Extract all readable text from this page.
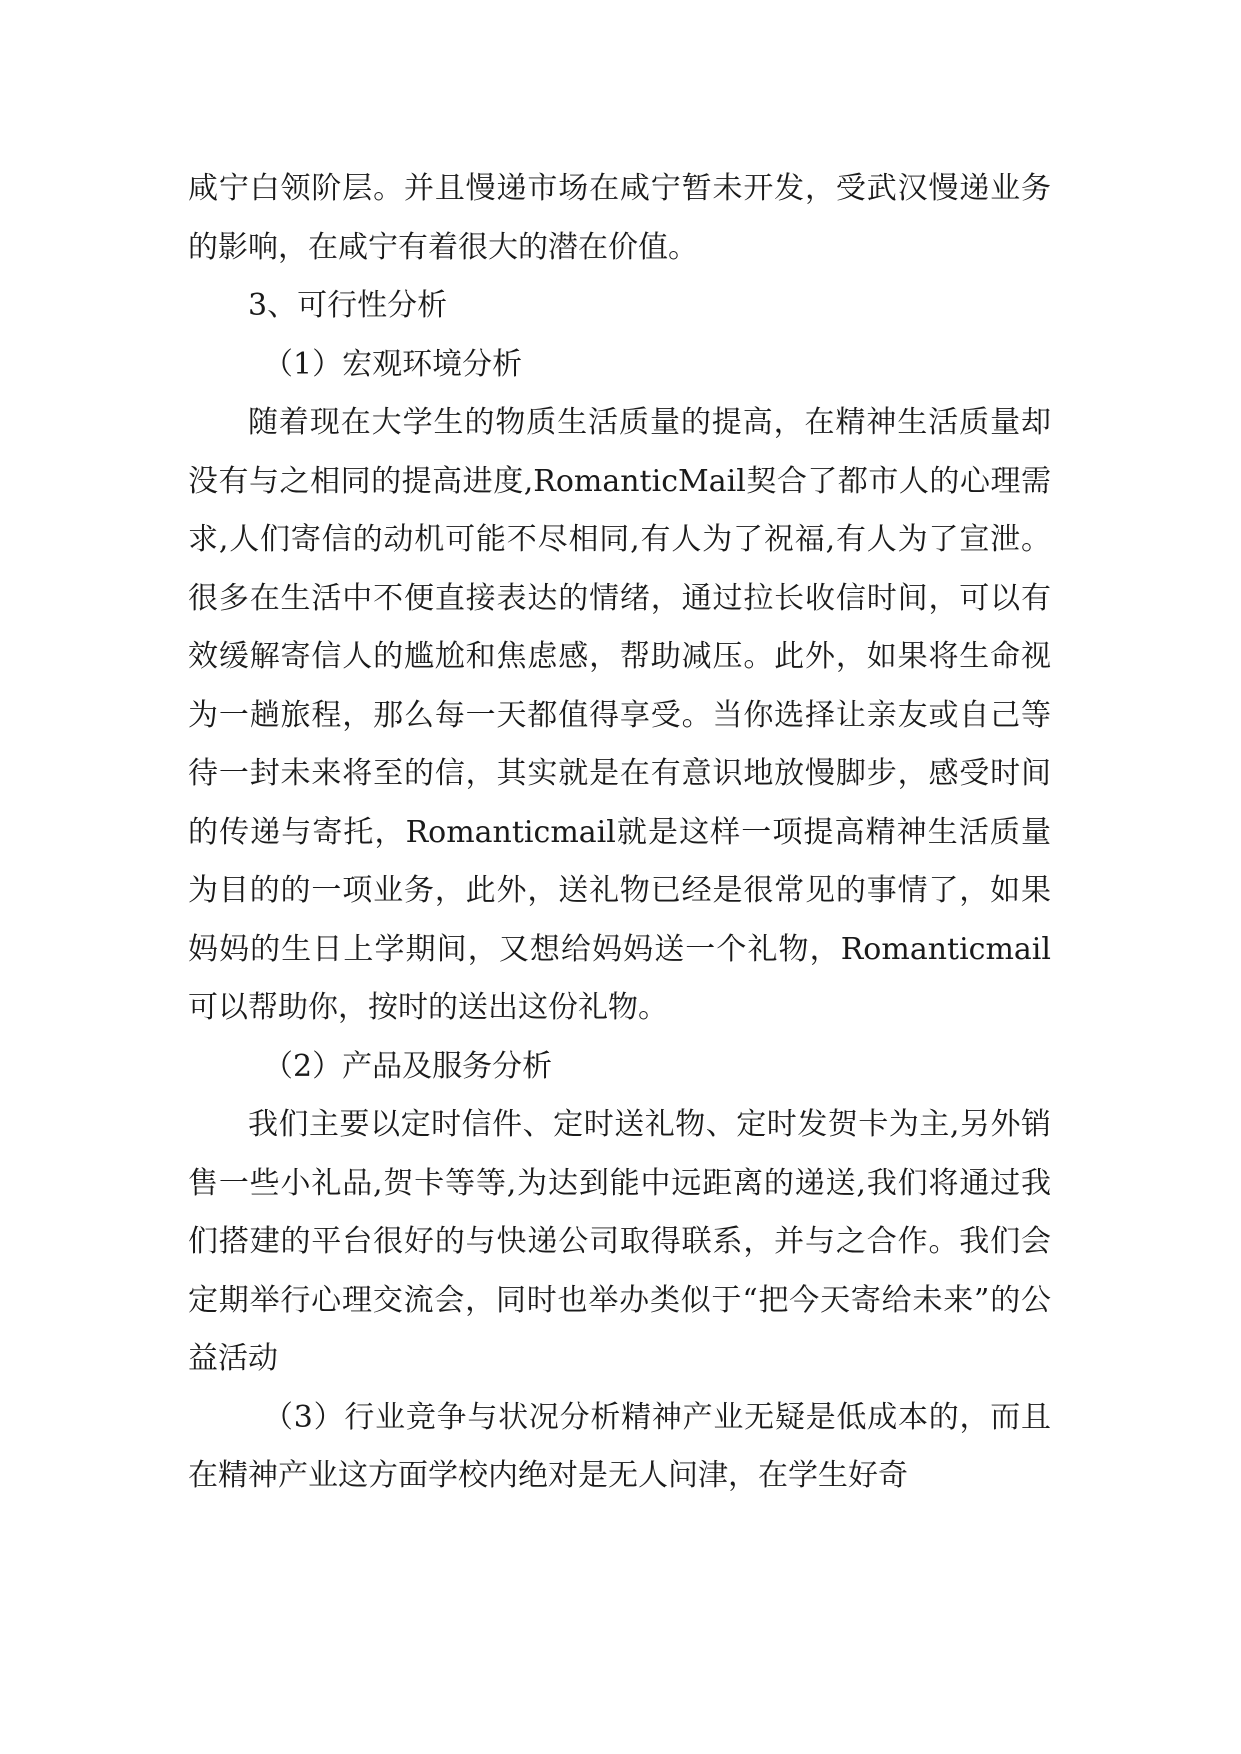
咸宁白领阶层。并且慢递市场在咸宁暂未开发，受武汉慢递业务的影响，在咸宁有着很大的潜在价值。

3、可行性分析

（1）宏观环境分析

随着现在大学生的物质生活质量的提高，在精神生活质量却没有与之相同的提高进度,RomanticMail契合了都市人的心理需求,人们寄信的动机可能不尽相同,有人为了祝福,有人为了宣泄。很多在生活中不便直接表达的情绪，通过拉长收信时间，可以有效缓解寄信人的尴尬和焦虑感，帮助减压。此外，如果将生命视为一趟旅程，那么每一天都值得享受。当你选择让亲友或自己等待一封未来将至的信，其实就是在有意识地放慢脚步，感受时间的传递与寄托，Romanticmail就是这样一项提高精神生活质量为目的的一项业务，此外，送礼物已经是很常见的事情了，如果妈妈的生日上学期间，又想给妈妈送一个礼物，Romanticmail可以帮助你，按时的送出这份礼物。

（2）产品及服务分析

我们主要以定时信件、定时送礼物、定时发贺卡为主,另外销售一些小礼品,贺卡等等,为达到能中远距离的递送,我们将通过我们搭建的平台很好的与快递公司取得联系，并与之合作。我们会定期举行心理交流会，同时也举办类似于“把今天寄给未来”的公益活动

（3）行业竞争与状况分析精神产业无疑是低成本的，而且在精神产业这方面学校内绝对是无人问津，在学生好奇
